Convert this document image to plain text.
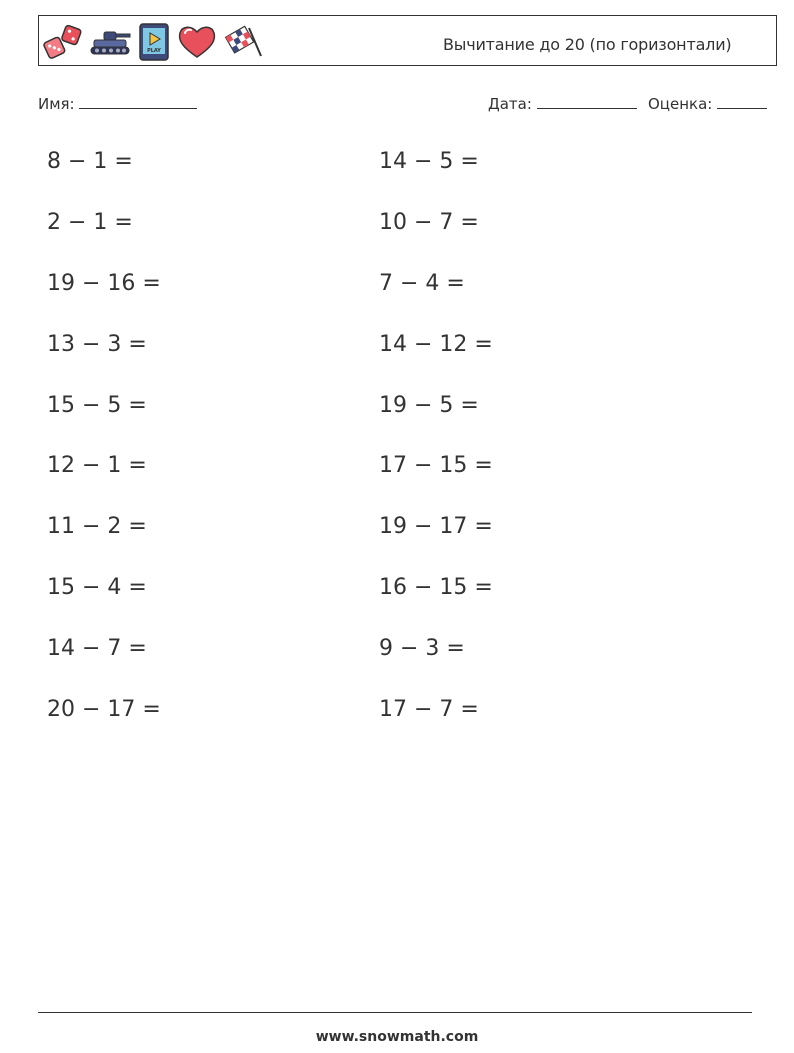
PLAY	Вычитание до 20 (по горизонтали)
Имя:	Дата:	Оценка:
8 − 1 =
2 − 1 =
19 − 16 =
13 − 3 =
15 − 5 =
12 − 1 =
11 − 2 =
15 − 4 =
14 − 7 =
20 − 17 =
14 − 5 =
10 − 7 =
7 − 4 =
14 − 12 =
19 − 5 =
17 − 15 =
19 − 17 =
16 − 15 =
9 − 3 =
17 − 7 =
www.snowmath.com
